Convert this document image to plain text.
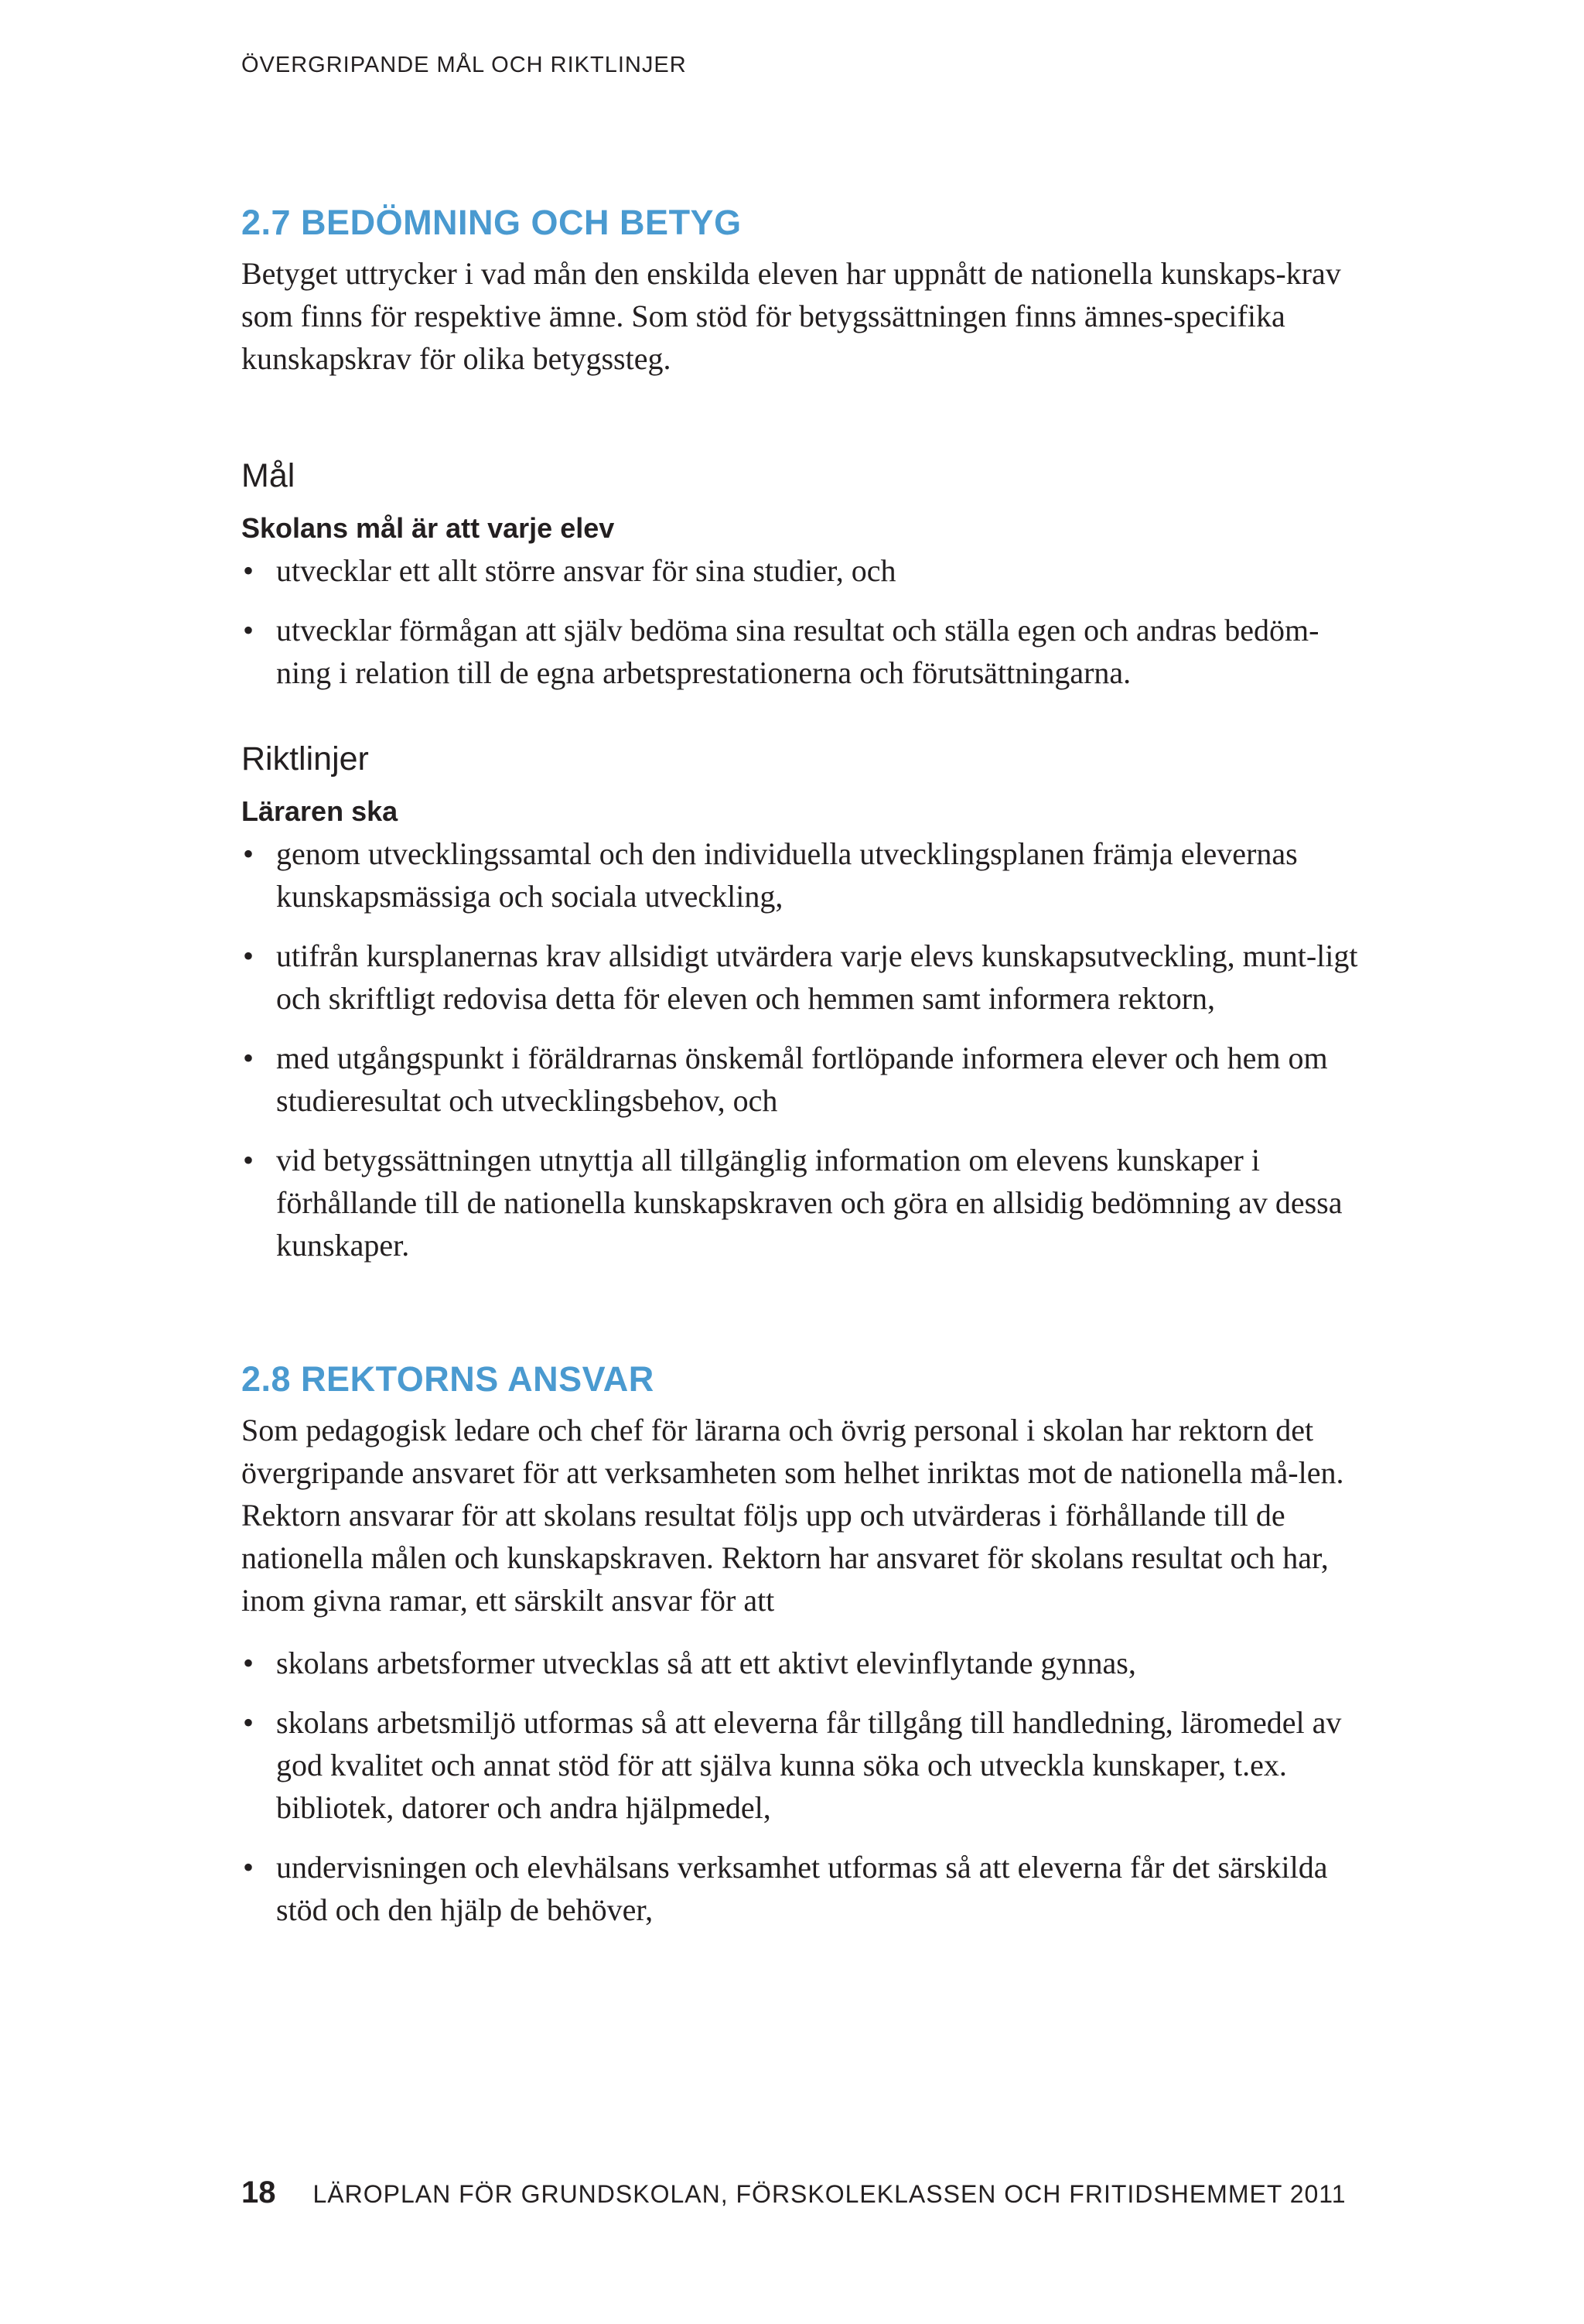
ÖVERGRIPANDE MÅL OCH RIKTLINJER
2.7 BEDÖMNING OCH BETYG

Betyget uttrycker i vad mån den enskilda eleven har uppnått de nationella kunskaps-krav som finns för respektive ämne. Som stöd för betygssättningen finns ämnes-specifika kunskapskrav för olika betygssteg.

Mål

Skolans mål är att varje elev

• utvecklar ett allt större ansvar för sina studier, och
• utvecklar förmågan att själv bedöma sina resultat och ställa egen och andras bedöm-ning i relation till de egna arbetsprestationerna och förutsättningarna.
Riktlinjer

Läraren ska

• genom utvecklingssamtal och den individuella utvecklingsplanen främja elevernas kunskapsmässiga och sociala utveckling,
• utifrån kursplanernas krav allsidigt utvärdera varje elevs kunskapsutveckling, munt-ligt och skriftligt redovisa detta för eleven och hemmen samt informera rektorn,
• med utgångspunkt i föräldrarnas önskemål fortlöpande informera elever och hem om studieresultat och utvecklingsbehov, och
• vid betygssättningen utnyttja all tillgänglig information om elevens kunskaper i förhållande till de nationella kunskapskraven och göra en allsidig bedömning av dessa kunskaper.
2.8 REKTORNS ANSVAR

Som pedagogisk ledare och chef för lärarna och övrig personal i skolan har rektorn det övergripande ansvaret för att verksamheten som helhet inriktas mot de nationella må-len. Rektorn ansvarar för att skolans resultat följs upp och utvärderas i förhållande till de nationella målen och kunskapskraven. Rektorn har ansvaret för skolans resultat och har, inom givna ramar, ett särskilt ansvar för att

• skolans arbetsformer utvecklas så att ett aktivt elevinflytande gynnas,
• skolans arbetsmiljö utformas så att eleverna får tillgång till handledning, läromedel av god kvalitet och annat stöd för att själva kunna söka och utveckla kunskaper, t.ex. bibliotek, datorer och andra hjälpmedel,
• undervisningen och elevhälsans verksamhet utformas så att eleverna får det särskilda stöd och den hjälp de behöver,
18 LÄROPLAN FÖR GRUNDSKOLAN, FÖRSKOLEKLASSEN OCH FRITIDSHEMMET 2011
